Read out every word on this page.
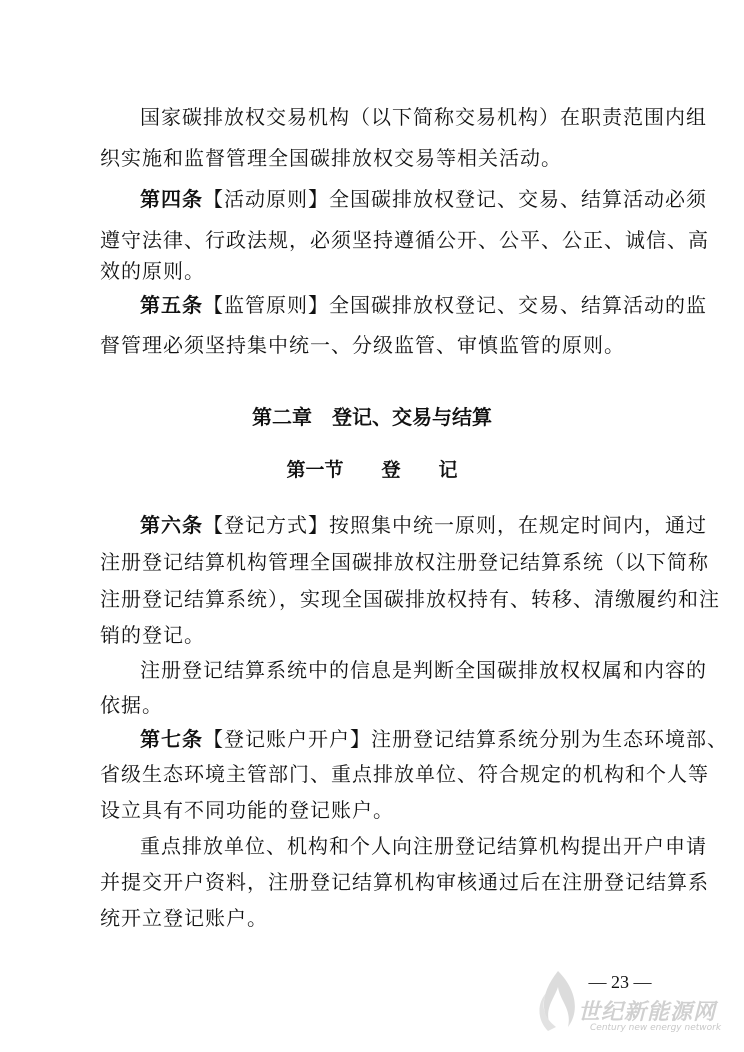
国家碳排放权交易机构（以下简称交易机构）在职责范围内组
织实施和监督管理全国碳排放权交易等相关活动。
第四条【活动原则】全国碳排放权登记、交易、结算活动必须
遵守法律、行政法规，必须坚持遵循公开、公平、公正、诚信、高
效的原则。
第五条【监管原则】全国碳排放权登记、交易、结算活动的监
督管理必须坚持集中统一、分级监管、审慎监管的原则。
第二章　登记、交易与结算
第一节　　登　　记
第六条【登记方式】按照集中统一原则，在规定时间内，通过
注册登记结算机构管理全国碳排放权注册登记结算系统（以下简称
注册登记结算系统），实现全国碳排放权持有、转移、清缴履约和注
销的登记。
注册登记结算系统中的信息是判断全国碳排放权权属和内容的
依据。
第七条【登记账户开户】注册登记结算系统分别为生态环境部、
省级生态环境主管部门、重点排放单位、符合规定的机构和个人等
设立具有不同功能的登记账户。
重点排放单位、机构和个人向注册登记结算机构提出开户申请
并提交开户资料，注册登记结算机构审核通过后在注册登记结算系
统开立登记账户。
— 23 —
世纪新能源网
Century new energy network
